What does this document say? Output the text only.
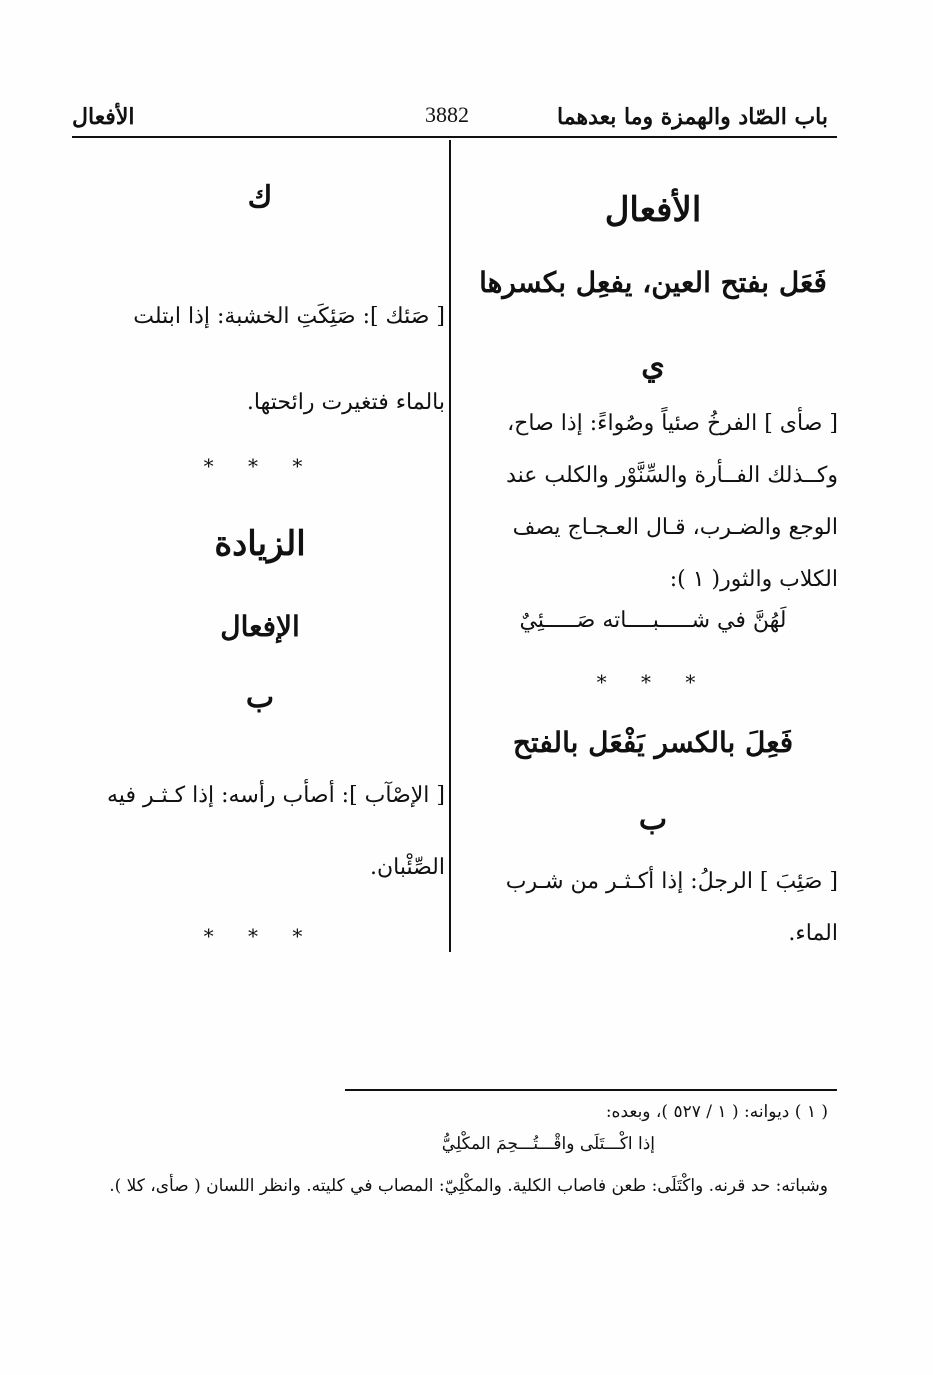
باب الصّاد والهمزة وما بعدهما
3882
الأفعال
الأفعال
فَعَل بفتح العين، يفعِل بكسرها
ي
[ صأى ] الفرخُ صئياً وصُواءً: إذا صاح،
وكــذلك الفــأرة والسِّنَّوْر والكلب عند
الوجع والضـرب، قـال العـجـاج يصف
الكلاب والثور( ١ ):
لَهُنَّ في شـــــبــــاته صَـــــئِيٌ
* * *
فَعِلَ بالكسر يَفْعَل بالفتح
ب
[ صَئِبَ ] الرجلُ: إذا أكـثـر من شـرب
الماء.
ك
[ صَئك ]: صَئِكَتِ الخشبة: إذا ابتلت
بالماء فتغيرت رائحتها.
* * *
الزيادة
الإفعال
ب
[ الإصْآب ]: أصأب رأسه: إذا كـثـر فيه
الصِّئْبان.
* * *
( ١ ) ديوانه: ( ١ / ٥٢٧ )، وبعده:
إذا اكْـــتَلَى واقْـــتُـــحِمَ المكْلِيُّ
وشباته: حد قرنه. واكْتَلَى: طعن فاصاب الكلية. والمكْلِيّ: المصاب في كليته. وانظر اللسان ( صأى، كلا ).
